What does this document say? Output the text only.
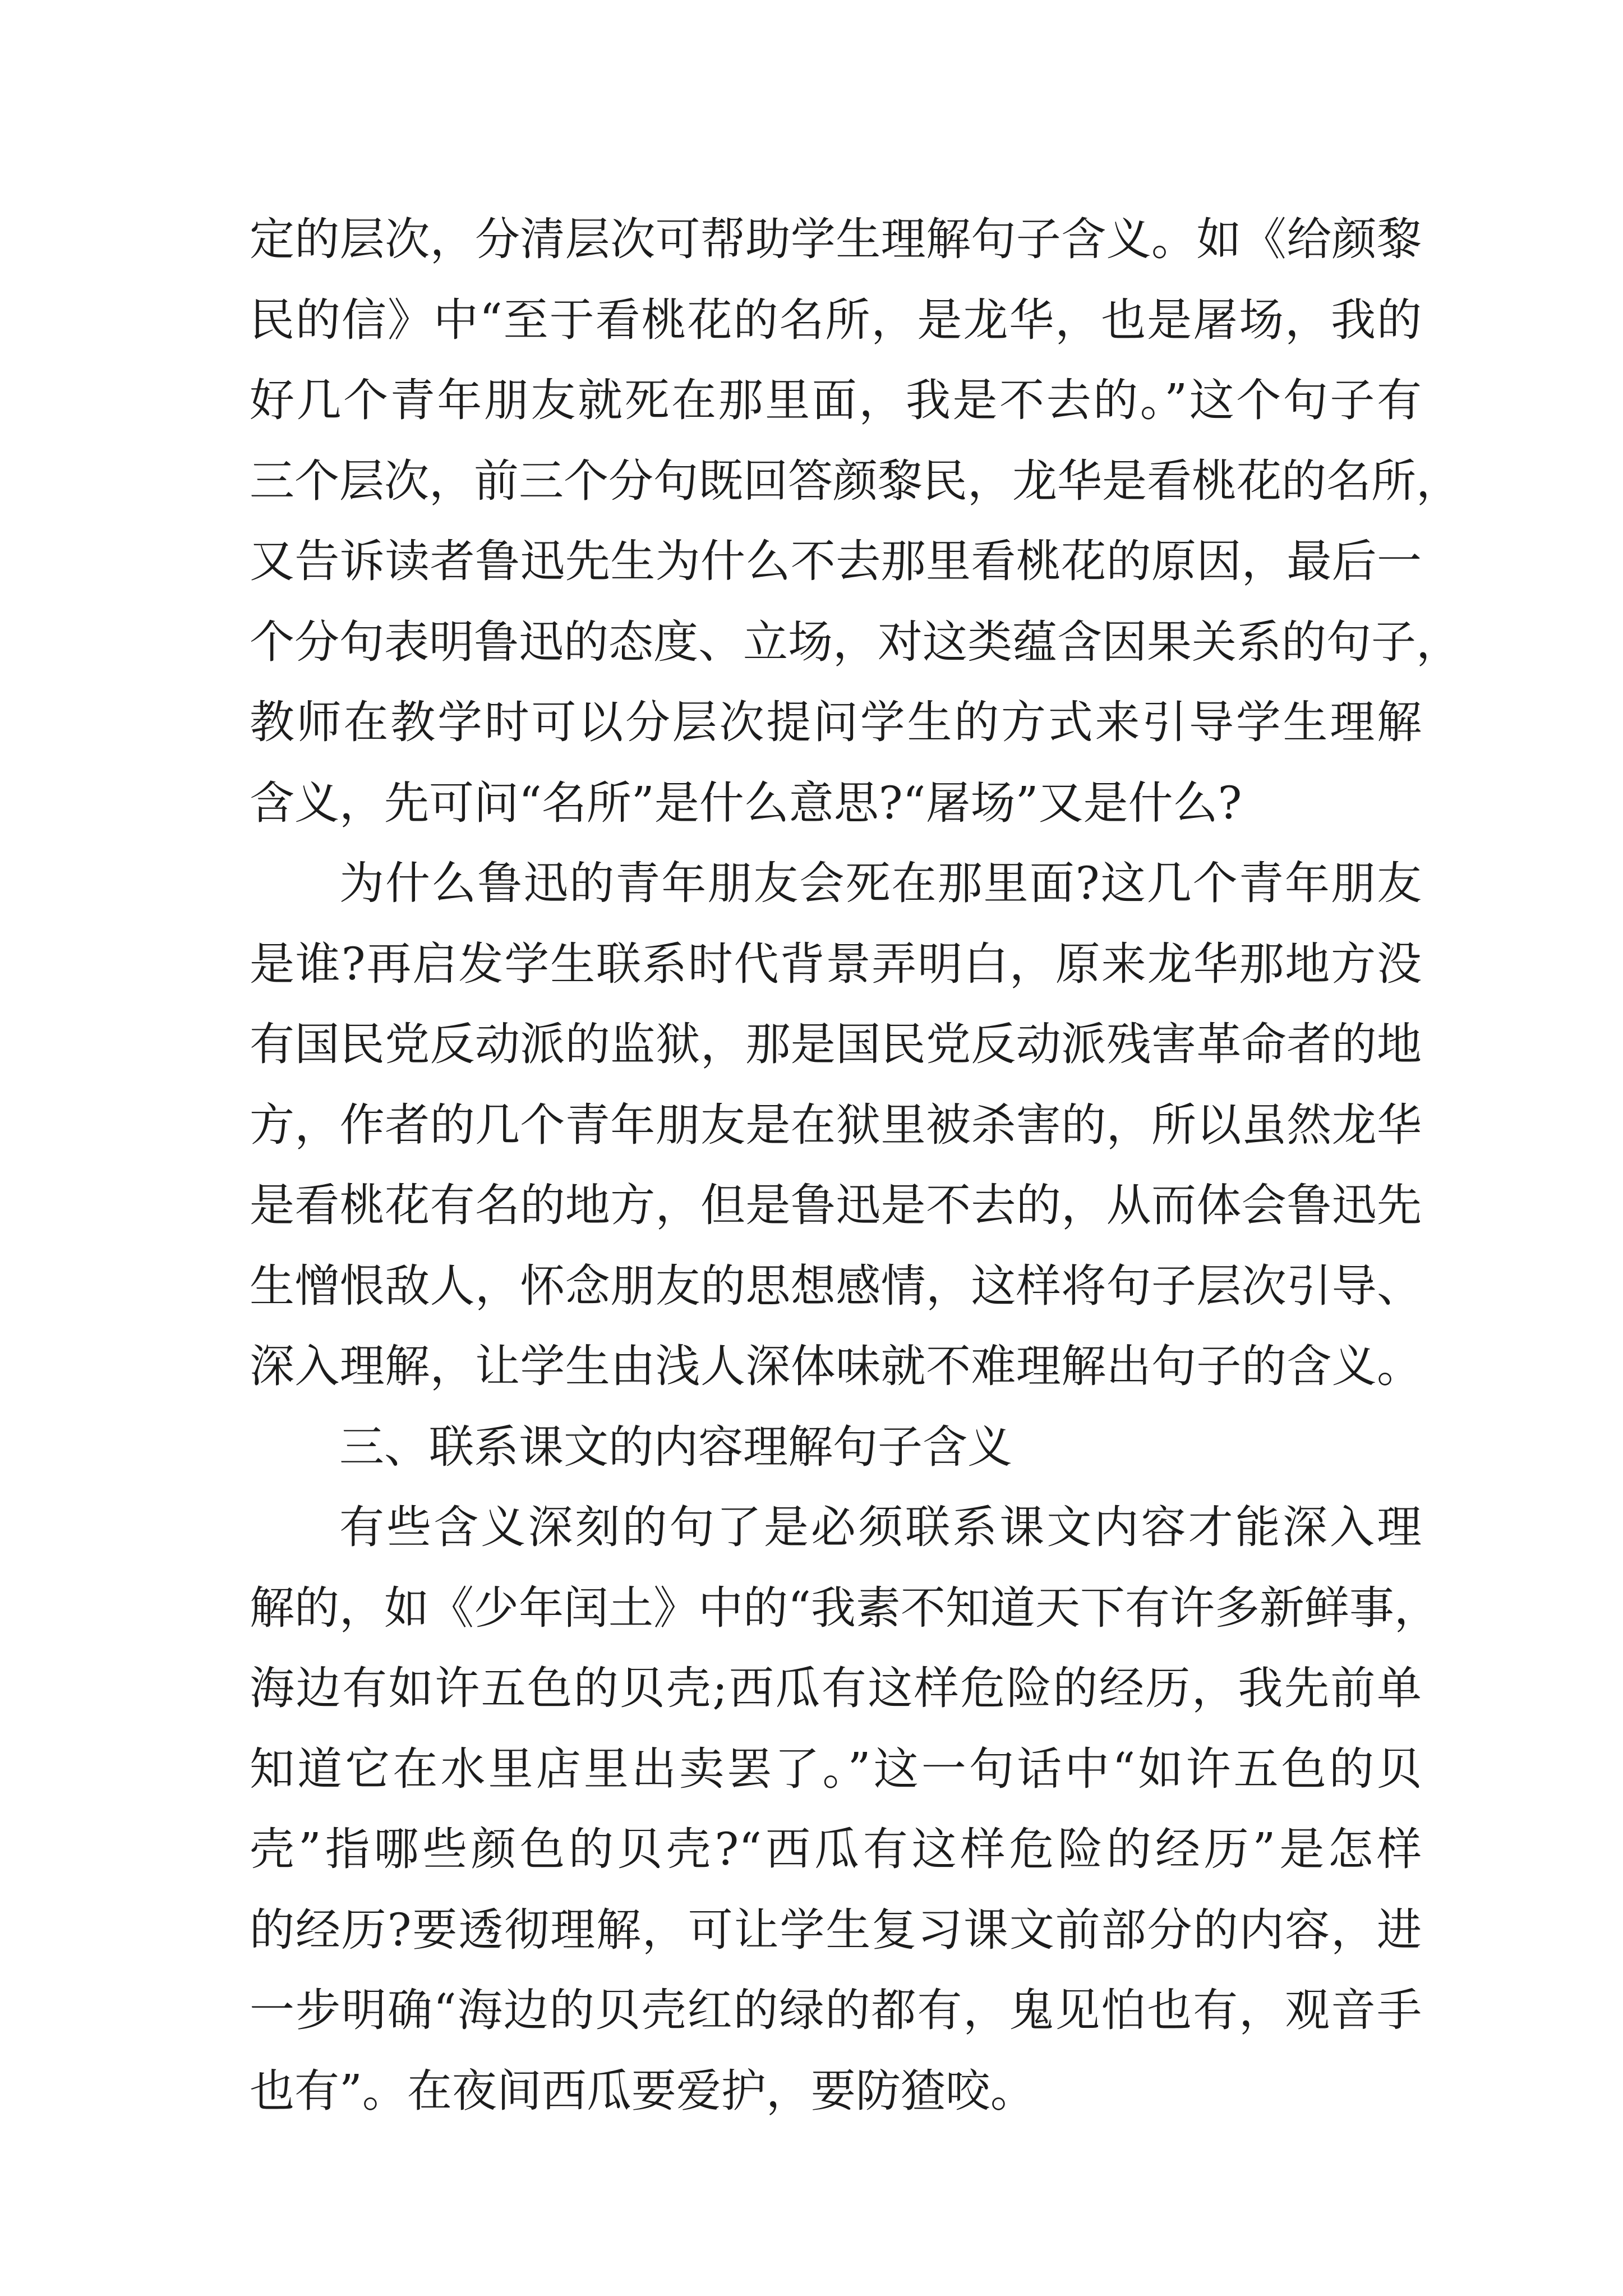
定的层次，分清层次可帮助学生理解句子含义。如《给颜黎
民的信》中“至于看桃花的名所，是龙华，也是屠场，我的
好几个青年朋友就死在那里面，我是不去的。”这个句子有
三个层次，前三个分句既回答颜黎民，龙华是看桃花的名所，
又告诉读者鲁迅先生为什么不去那里看桃花的原因，最后一
个分句表明鲁迅的态度、立场，对这类蕴含因果关系的句子，
教师在教学时可以分层次提问学生的方式来引导学生理解
含义，先可问“名所”是什么意思?“屠场”又是什么?
为什么鲁迅的青年朋友会死在那里面?这几个青年朋友
是谁?再启发学生联系时代背景弄明白，原来龙华那地方没
有国民党反动派的监狱，那是国民党反动派残害革命者的地
方，作者的几个青年朋友是在狱里被杀害的，所以虽然龙华
是看桃花有名的地方，但是鲁迅是不去的，从而体会鲁迅先
生憎恨敌人，怀念朋友的思想感情，这样将句子层次引导、
深入理解，让学生由浅人深体味就不难理解出句子的含义。
三、联系课文的内容理解句子含义
有些含义深刻的句了是必须联系课文内容才能深入理
解的，如《少年闰土》中的“我素不知道天下有许多新鲜事，
海边有如许五色的贝壳;西瓜有这样危险的经历，我先前单
知道它在水里店里出卖罢了。”这一句话中“如许五色的贝
壳”指哪些颜色的贝壳?“西瓜有这样危险的经历”是怎样
的经历?要透彻理解，可让学生复习课文前部分的内容，进
一步明确“海边的贝壳红的绿的都有，鬼见怕也有，观音手
也有”。在夜间西瓜要爱护，要防猹咬。
